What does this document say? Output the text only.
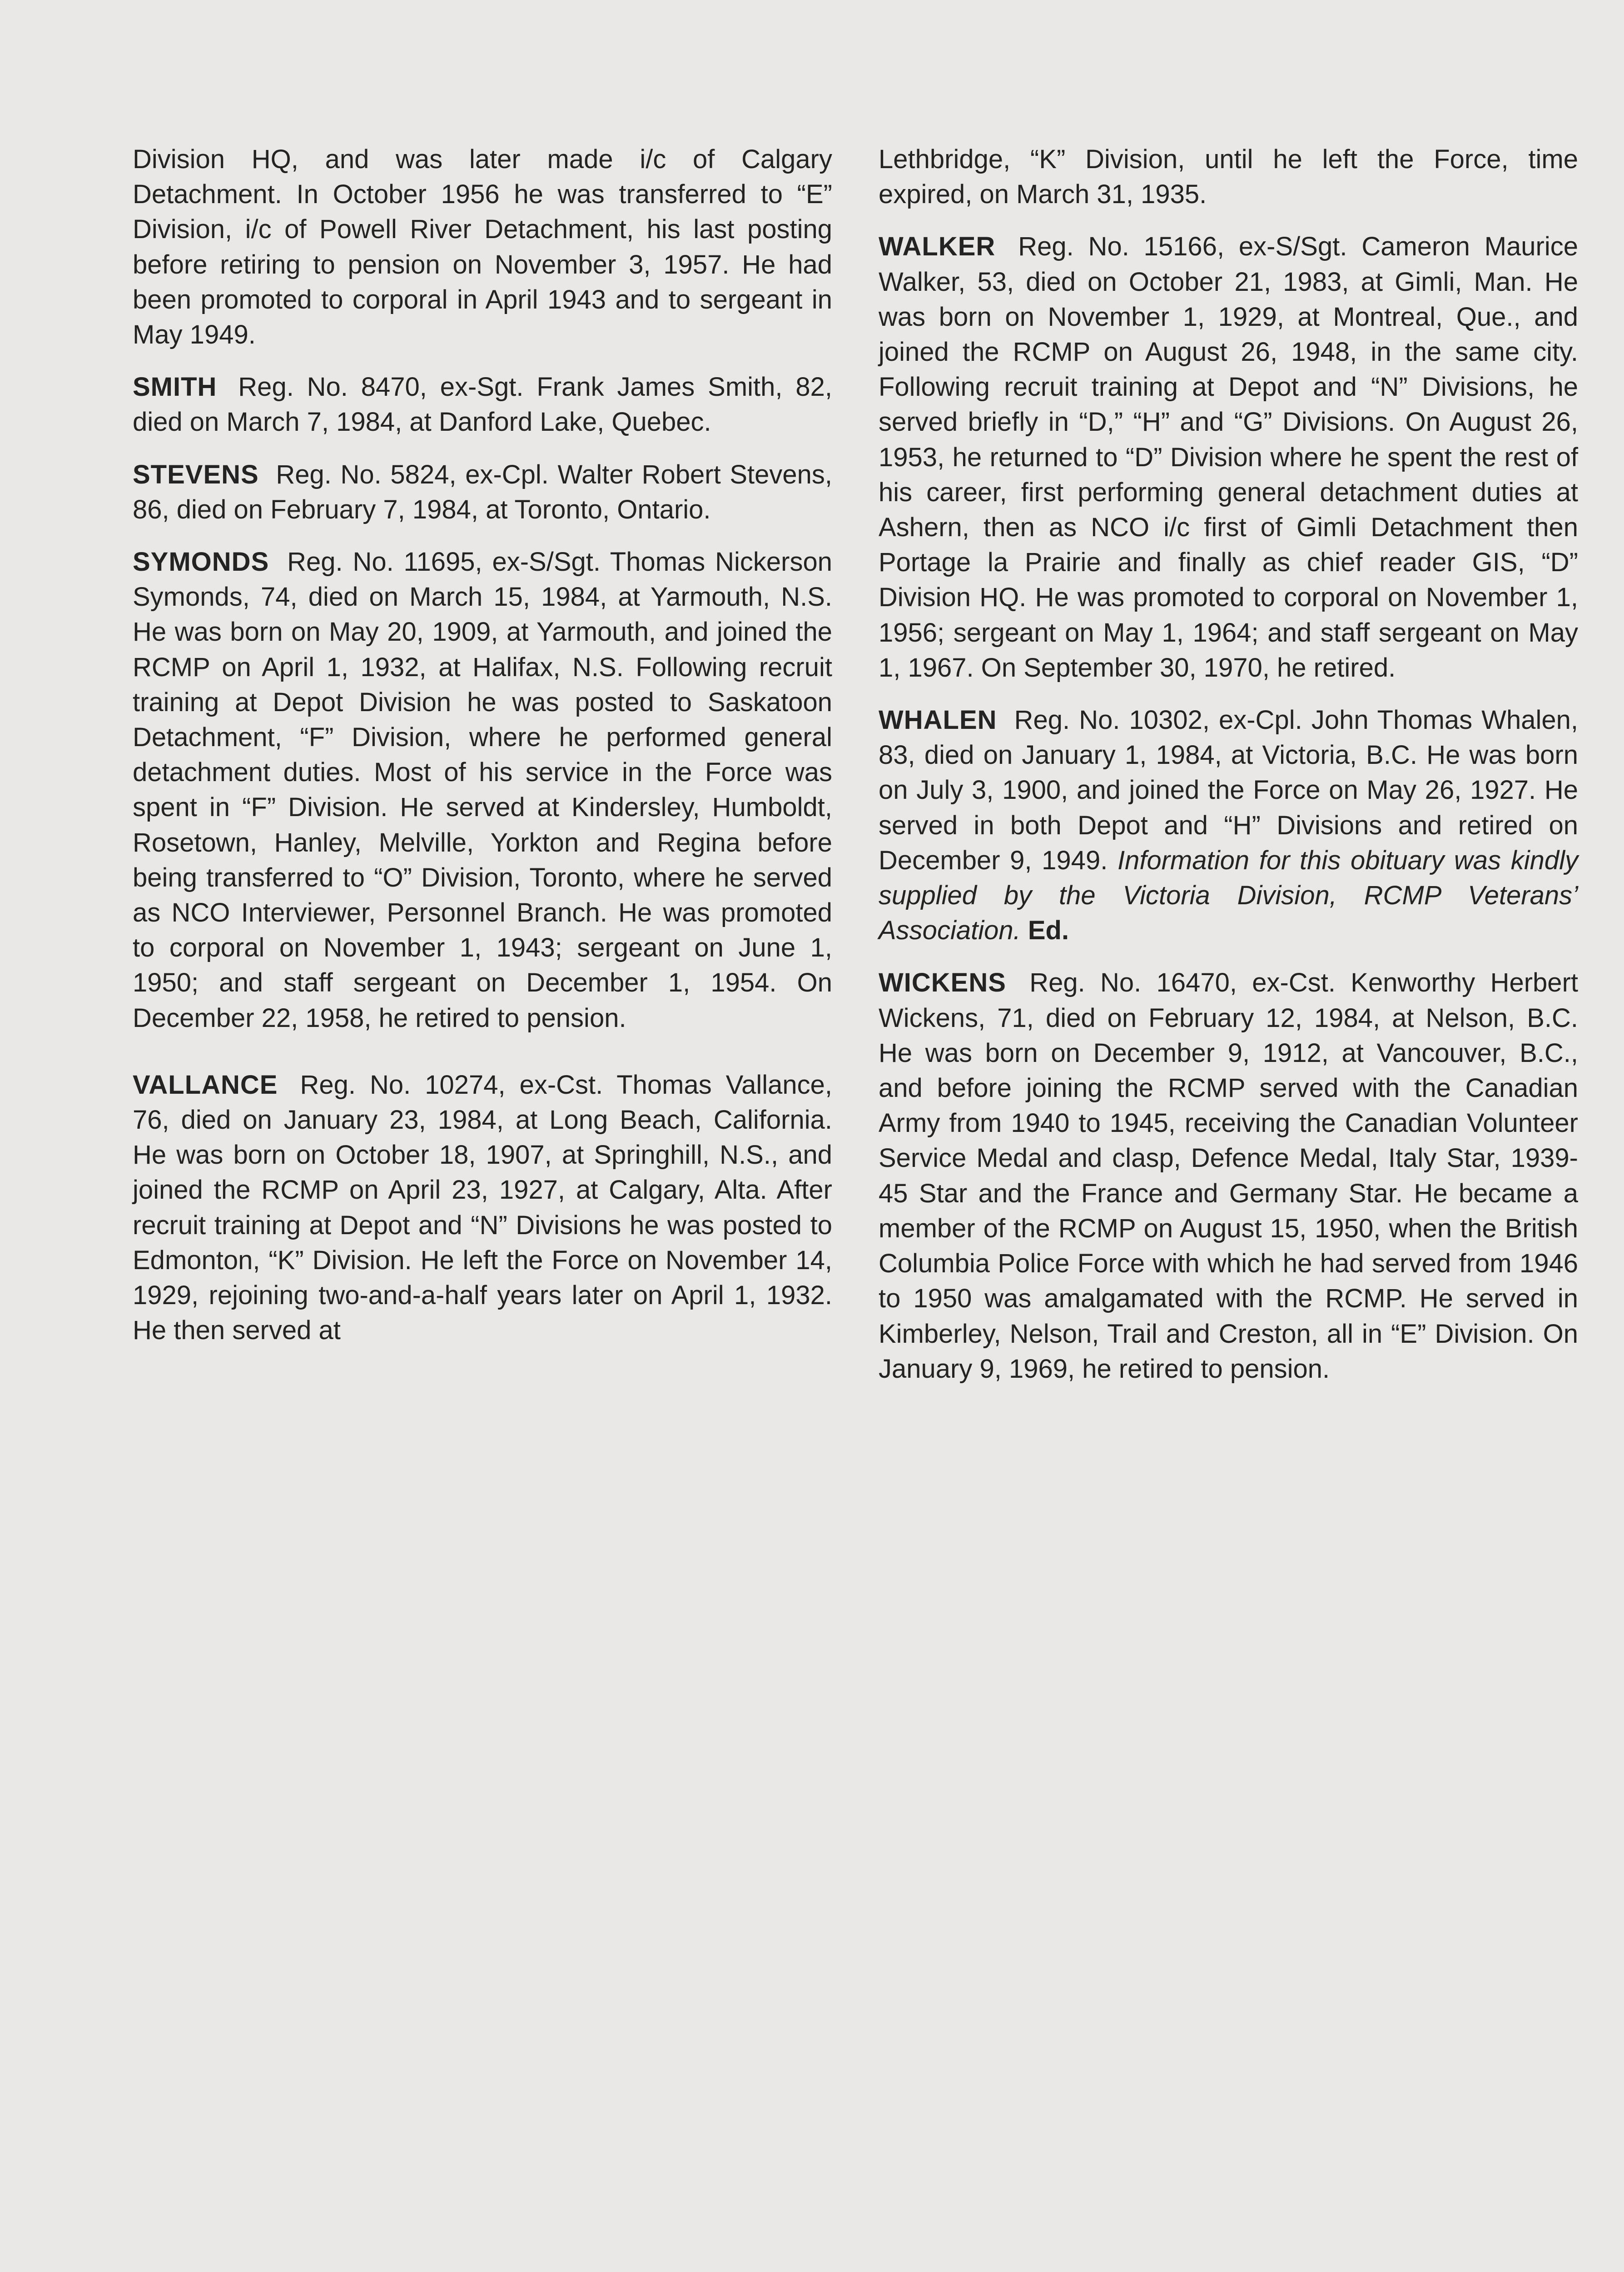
Division HQ, and was later made i/c of Calgary Detachment. In October 1956 he was transferred to “E” Division, i/c of Powell River Detachment, his last posting before retiring to pension on November 3, 1957. He had been promoted to corporal in April 1943 and to sergeant in May 1949.

SMITH Reg. No. 8470, ex-Sgt. Frank James Smith, 82, died on March 7, 1984, at Danford Lake, Quebec.

STEVENS Reg. No. 5824, ex-Cpl. Walter Robert Stevens, 86, died on February 7, 1984, at Toronto, Ontario.

SYMONDS Reg. No. 11695, ex-S/Sgt. Thomas Nickerson Symonds, 74, died on March 15, 1984, at Yarmouth, N.S. He was born on May 20, 1909, at Yarmouth, and joined the RCMP on April 1, 1932, at Halifax, N.S. Following recruit training at Depot Division he was posted to Saskatoon Detachment, “F” Division, where he performed general detachment duties. Most of his service in the Force was spent in “F” Division. He served at Kindersley, Humboldt, Rosetown, Hanley, Melville, Yorkton and Regina before being transferred to “O” Division, Toronto, where he served as NCO Interviewer, Personnel Branch. He was promoted to corporal on November 1, 1943; sergeant on June 1, 1950; and staff sergeant on December 1, 1954. On December 22, 1958, he retired to pension.

VALLANCE Reg. No. 10274, ex-Cst. Thomas Vallance, 76, died on January 23, 1984, at Long Beach, California. He was born on October 18, 1907, at Springhill, N.S., and joined the RCMP on April 23, 1927, at Calgary, Alta. After recruit training at Depot and “N” Divisions he was posted to Edmonton, “K” Division. He left the Force on November 14, 1929, rejoining two-and-a-half years later on April 1, 1932. He then served at

Lethbridge, “K” Division, until he left the Force, time expired, on March 31, 1935.

WALKER Reg. No. 15166, ex-S/Sgt. Cameron Maurice Walker, 53, died on October 21, 1983, at Gimli, Man. He was born on November 1, 1929, at Montreal, Que., and joined the RCMP on August 26, 1948, in the same city. Following recruit training at Depot and “N” Divisions, he served briefly in “D,” “H” and “G” Divisions. On August 26, 1953, he returned to “D” Division where he spent the rest of his career, first performing general detachment duties at Ashern, then as NCO i/c first of Gimli Detachment then Portage la Prairie and finally as chief reader GIS, “D” Division HQ. He was promoted to corporal on November 1, 1956; sergeant on May 1, 1964; and staff sergeant on May 1, 1967. On September 30, 1970, he retired.

WHALEN Reg. No. 10302, ex-Cpl. John Thomas Whalen, 83, died on January 1, 1984, at Victoria, B.C. He was born on July 3, 1900, and joined the Force on May 26, 1927. He served in both Depot and “H” Divisions and retired on December 9, 1949. Information for this obituary was kindly supplied by the Victoria Division, RCMP Veterans’ Association. Ed.

WICKENS Reg. No. 16470, ex-Cst. Kenworthy Herbert Wickens, 71, died on February 12, 1984, at Nelson, B.C. He was born on December 9, 1912, at Vancouver, B.C., and before joining the RCMP served with the Canadian Army from 1940 to 1945, receiving the Canadian Volunteer Service Medal and clasp, Defence Medal, Italy Star, 1939-45 Star and the France and Germany Star. He became a member of the RCMP on August 15, 1950, when the British Columbia Police Force with which he had served from 1946 to 1950 was amalgamated with the RCMP. He served in Kimberley, Nelson, Trail and Creston, all in “E” Division. On January 9, 1969, he retired to pension.
